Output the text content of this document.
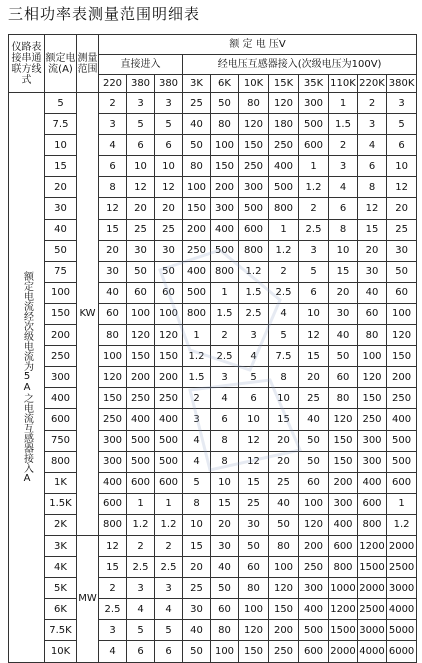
三相功率表测量范围明细表
仪路表接串通联方线式	额定电流(A)	测量范围	额 定 电 压V										
			直接进入			经电压互感器接入(次级电压为100V)							
			220	380	380	3K	6K	10K	15K	35K	110K	220K	380K

额定电流经次级电流为5A之电流互感器接入A	5	KW	2	3	3	25	50	80	120	300	1	2	3
	7.5		3	5	5	40	80	120	180	500	1.5	3	5
	10		4	6	6	50	100	150	250	600	2	4	6
	15		6	10	10	80	150	250	400	1	3	6	10
	20		8	12	12	100	200	300	500	1.2	4	8	12
	30		12	20	20	150	300	500	800	2	6	12	20
	40		15	25	25	200	400	600	1	2.5	8	15	25
	50		20	30	30	250	500	800	1.2	3	10	20	30
	75		30	50	50	400	800	1.2	2	5	15	30	50
	100		40	60	60	500	1	1.5	2.5	6	20	40	60
	150		60	100	100	800	1.5	2.5	4	10	30	60	100
	200		80	120	120	1	2	3	5	12	40	80	120
	250		100	150	150	1.2	2.5	4	7.5	15	50	100	150
	300		120	200	200	1.5	3	5	8	20	60	120	200
	400		150	250	250	2	4	6	10	25	80	150	250
	600		250	400	400	3	6	10	15	40	120	250	400
	750		300	500	500	4	8	12	20	50	150	300	500
	800		300	500	500	4	8	12	20	50	150	300	500
	1K		400	600	600	5	10	15	25	60	200	400	600
	1.5K		600	1	1	8	15	25	40	100	300	600	1
	2K		800	1.2	1.2	10	20	30	50	120	400	800	1.2
	3K	MW	12	2	2	15	30	50	80	200	600	1200	2000
	4K		15	2.5	2.5	20	40	60	100	250	800	1500	2500
	5K		2	3	3	25	50	80	120	300	1000	2000	3000
	6K		2.5	4	4	30	60	100	150	400	1200	2500	4000
	7.5K		3	5	5	40	80	120	200	500	1500	3000	5000
	10K		4	6	6	50	100	150	250	600	2000	4000	6000
